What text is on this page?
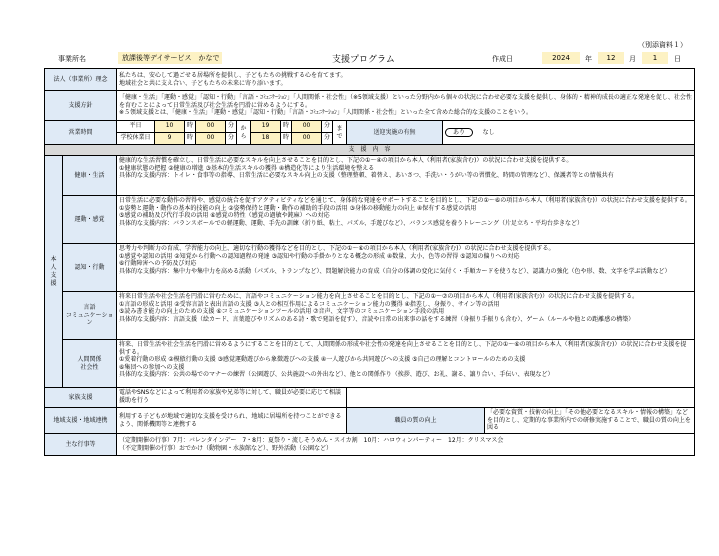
（別添資料１）
事業所名	放課後等デイサービス　かなで	支援プログラム	作成日	2024	年	12	月	1	日
法人（事業所）理念		私たちは、安心して過ごせる居場所を提供し、子どもたちの挑戦する心を育てます。
地域社会と共に支え合い、子どもたちの未来に寄り添います。													
支援方針		「健康・生活」「運動・感覚」「認知・行動」「言語・ｺﾐｭﾆｹｰｼｮﾝ」「人間関係・社会性」（※5領域支援）といった分野内から個々の状況に合わせ必要な支援を提供し、身体的・精神的成長の適正な発達を促し、社会性を育むことによって日常生活及び社会生活を円滑に営めるようにする。
※５領域支援とは、「健康・生活」「運動・感覚」「認知・行動」「言語・ｺﾐｭﾆｹｰｼｮﾝ」「人間関係・社会性」といった全て含めた総合的な支援のことをいう。													
営業時間		平日	10	時	00	分	から	19	時	00	分	まで	送迎実施の有無	あり なし	
		学校休業日	9	時	00	分		18	時	00	分				
支　援　内　容															
本人支援	健康・生活	健康的な生活習慣を確立し、日常生活に必要なスキルを向上させることを目的とし、下記の①〜④の項目から本人（利用者(家族含む)）の状況に合わせ支援を提供する。
①健康状態の把握 ②健康の増進 ③基本的生活スキルの獲得 ④構造化等により生活環境を整える
具体的な支援内容：トイレ・食事等の指導、日常生活に必要なスキル向上の支援（整理整頓、着替え、あいさつ、手洗い・うがい等の習慣化、時間の管理など）、保護者等との情報共有													
	運動・感覚	日常生活に必要な動作の習得や、感覚の統合を促すアクティビティなどを通じて、身体的な発達をサポートすることを目的とし、下記の①〜⑥の項目から本人（利用者(家族含む)）の状況に合わせ支援を提供する。
①姿勢と運動・動作の基本的技能の向上 ②姿勢保持と運動・動作の補助的手段の活用 ③身体の移動能力の向上 ④保有する感覚の活用
⑤感覚の補助及び代行手段の活用 ⑥感覚の特性（感覚の過敏や鈍麻）への対応
具体的な支援内容：バランスボールでの軽運動、運動、手先の訓練（折り紙、粘土、パズル、手遊びなど）、バランス感覚を養うトレーニング（片足立ち・平均台歩きなど）													
	認知・行動	思考力や判断力の育成、学習能力の向上、適切な行動の獲得などを目的とし、下記の①〜⑥の項目から本人（利用者(家族含む)）の状況に合わせ支援を提供する。
①感覚や認知の活用 ②知覚から行動への認知過程の発達 ③認知や行動の手掛かりとなる概念の形成 ④数量、大小、色等の習得 ⑤認知の偏りへの対応
⑥行動障害への予防及び対応
具体的な支援内容：集中力や集中力を高める活動（パズル、トランプなど）、問題解決能力の育成（自分の体調の変化に気付く・手順カードを使うなど）、認識力の強化（色や形、数、文字を学ぶ活動など）													
	言語
コミュニケーション	将来日常生活や社会生活を円滑に営むために、言語やコミュニケーション能力を向上させることを目的とし、下記の①〜⑦の項目から本人（利用者(家族含む)）の状況に合わせ支援を提供する。
①言語の形成と活用 ②受容言語と表出言語の支援 ③人との相互作用によるコミュニケーション能力の獲得 ④指差し、身振り、サイン等の活用
⑤読み書き能力の向上のための支援 ⑥コミュニケーションツールの活用 ⑦音声、文字等のコミュニケーション手段の活用
具体的な支援内容：言語支援（絵カード、言葉遊びやリズムのある詩・歌で発語を促す）、音読や日常の出来事の話をする練習（身振り手振りも含む）、ゲーム（ルールや他との距離感の構築）													
	人間関係
社会性	将来、日常生活や社会生活を円滑に営めるようにすることを目的として、人間関係の形成や社会性の発達を向上させることを目的とし、下記の①〜⑥の項目から本人（利用者(家族含む)）の状況に合わせ支援を提供する。
①愛着行動の形成 ②模倣行動の支援 ③感覚運動遊びから象徴遊びへの支援 ④一人遊びから共同遊びへの支援 ⑤自己の理解とコントロールのための支援
⑥集団への参加への支援
具体的な支援内容：公共の場でのマナーの練習（公園遊び、公共施設への外出など）、他との関係作り（挨拶、遊び、お礼、謝る、譲り合い、手伝い、表現など）													
家族支援		電話やSNSなどによって利用者の家族や兄弟等に対して、職員が必要に応じて相談援助を行う													
地域支援・地域連携		利用する子どもが地域で適切な支援を受けられ、地域に居場所を持つことができるよう、関係機関等と連携する											職員の質の向上		「必要な資質・技術の向上」「その他必要となるスキル・情報の構築」などを目的とし、定期的な事業所内での研修実施することで、職員の質の向上を図る
主な行事等		（定期開催の行事）7月：バレンタインデー　7・8月：夏祭り・流しそうめん・スイカ割　10月：ハロウィンパーティー　12月：クリスマス会
（不定期開催の行事）おでかけ（動物園・水族館など）、野外活動（公園など）													
